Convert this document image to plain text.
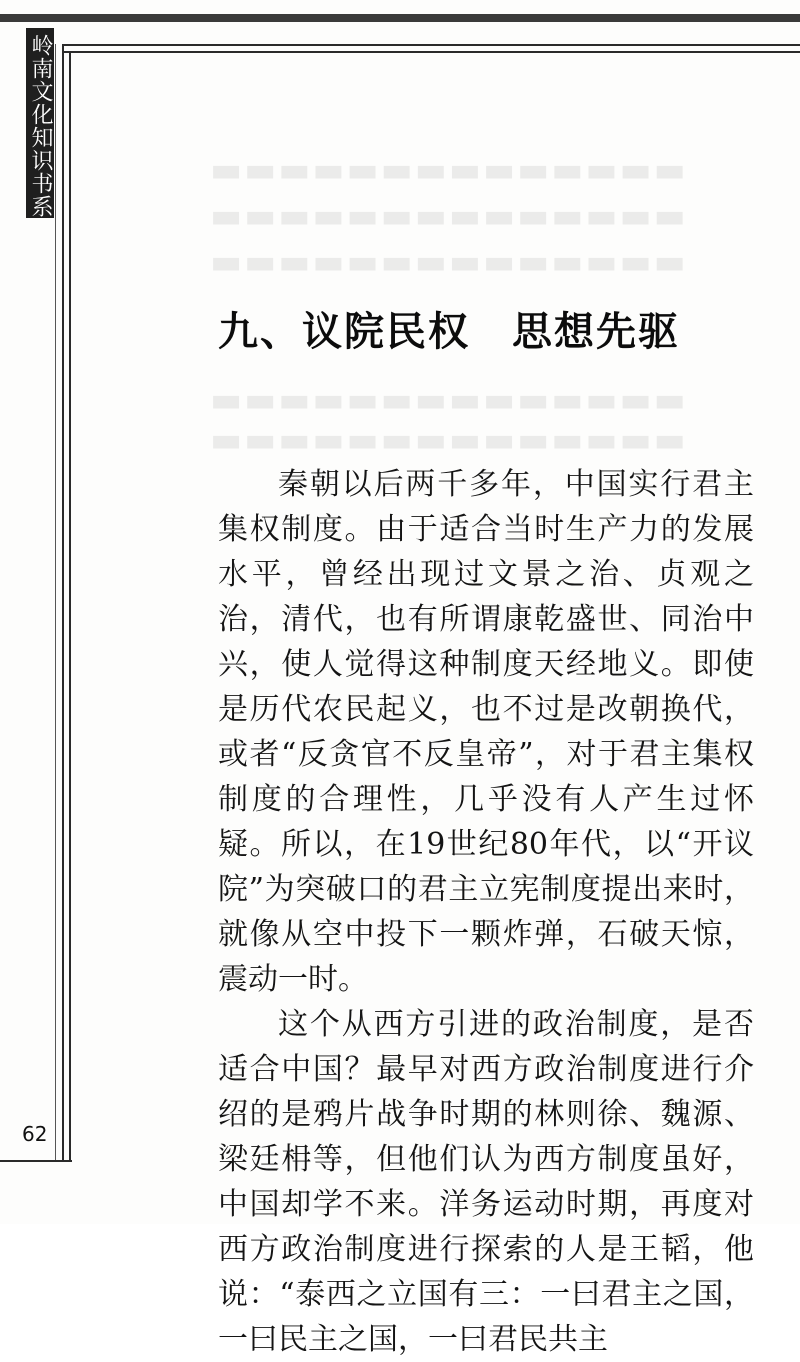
岭南文化知识书系	▬▬▬▬▬▬▬▬▬▬▬▬▬▬
▬▬▬▬▬▬▬▬▬▬▬▬▬▬
▬▬▬▬▬▬▬▬▬▬▬▬▬▬
▬▬▬▬▬▬▬▬▬▬▬▬▬▬
▬▬▬▬▬▬▬▬▬▬▬▬▬▬
九、议院民权　思想先驱

秦朝以后两千多年，中国实行君主集权制度。由于适合当时生产力的发展水平，曾经出现过文景之治、贞观之治，清代，也有所谓康乾盛世、同治中兴，使人觉得这种制度天经地义。即使是历代农民起义，也不过是改朝换代，或者“反贪官不反皇帝”，对于君主集权制度的合理性，几乎没有人产生过怀疑。所以，在19世纪80年代，以“开议院”为突破口的君主立宪制度提出来时，就像从空中投下一颗炸弹，石破天惊，震动一时。

这个从西方引进的政治制度，是否适合中国？最早对西方政治制度进行介绍的是鸦片战争时期的林则徐、魏源、梁廷枏等，但他们认为西方制度虽好，中国却学不来。洋务运动时期，再度对西方政治制度进行探索的人是王韬，他说：“泰西之立国有三：一曰君主之国，一曰民主之国，一曰君民共主

62
